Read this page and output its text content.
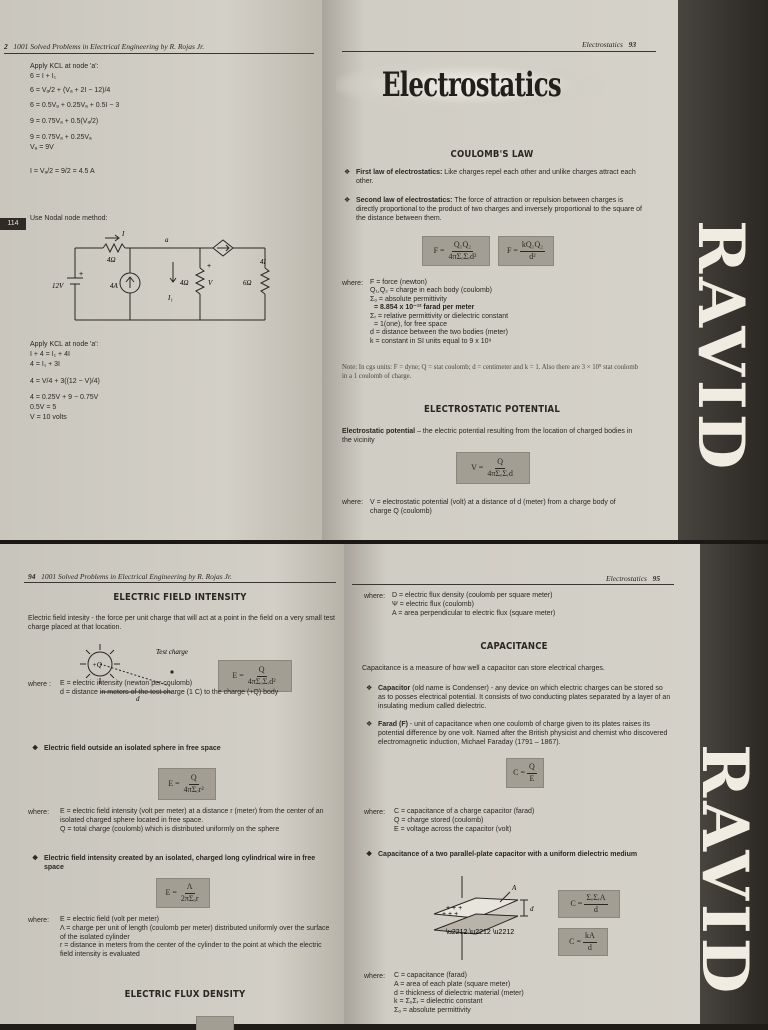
2 1001 Solved Problems in Electrical Engineering by R. Rojas Jr.
Apply KCL at node 'a':
6 = I + I₁
6 = Vₐ/2 + (Vₐ + 2I − 12)/4
6 = 0.5Vₐ + 0.25Vₐ + 0.5I − 3
9 = 0.75Vₐ + 0.5(Vₐ/2)
9 = 0.75Vₐ + 0.25Vₐ
Vₐ = 9V
I = Vₐ/2 = 9/2 = 4.5 A
114
Use Nodal node method:
I
a
4Ω
12V	4A	4Ω	V
I₁
4I
6Ω
+
+
Apply KCL at node 'a':
I + 4 = I₁ + 4I
4 = I₁ + 3I
4 = V/4 + 3((12 − V)/4)
4 = 0.25V + 9 − 0.75V
0.5V = 5
V = 10 volts
Electrostatics 93
Electrostatics
COULOMB'S LAW
❖ First law of electrostatics: Like charges repel each other and unlike charges attract each other.
❖ Second law of electrostatics: The force of attraction or repulsion between charges is directly proportional to the product of two charges and inversely proportional to the square of the distance between them.
$F = \frac{\text{Q₁Q₂}}{\text{4πΣₒΣᵣd²}}$	$F = \frac{\text{kQ₁Q₂}}{\text{d²}}$
where: F = force (newton)
Q₁,Q₂ = charge in each body (coulomb)
Σₒ = absolute permittivity
= 8.854 x 10⁻¹² farad per meter
Σᵣ = relative permittivity or dielectric constant
= 1(one), for free space
d = distance between the two bodies (meter)
k = constant in SI units equal to 9 x 10⁹
Note: In cgs units: F = dyne; Q = stat coulomb; d = centimeter and k = 1. Also there are 3 × 10⁹ stat coulomb in a 1 coulomb of charge.
ELECTROSTATIC POTENTIAL
Electrostatic potential – the electric potential resulting from the location of charged bodies in the vicinity
$V = \frac{Q}{\text{4πΣₒΣᵣd}}$
where: V = electrostatic potential (volt) at a distance of d (meter) from a charge body of charge Q (coulomb)
RAVID
94 1001 Solved Problems in Electrical Engineering by R. Rojas Jr.
ELECTRIC FIELD INTENSITY
Electric field intesity - the force per unit charge that will act at a point in the field on a very small test charge placed at that location.
+Q
Test charge
d
$E = \frac{Q}{\text{4πΣₒΣᵣd²}}$
where : E = electric intensity (newton per coulomb)
d = distance in meters of the test charge (1 C) to the charge (+Q) body
❖ Electric field outside an isolated sphere in free space
$E = \frac{Q}{\text{4πΣₒr²}}$
where: E = electric field intensity (volt per meter) at a distance r (meter) from the center of an isolated charged sphere located in free space.
Q = total charge (coulomb) which is distributed uniformly on the sphere
❖ Electric field intensity created by an isolated, charged long cylindrical wire in free space
$E = \frac{\Lambda}{\text{2πΣₒr}}$
where: E = electric field (volt per meter)
Λ = charge per unit of length (coulomb per meter) distributed uniformly over the surface of the isolated cylinder
r = distance in meters from the center of the cylinder to the point at which the electric field intensity is evaluated
ELECTRIC FLUX DENSITY
Electrostatics 95
where: D = electric flux density (coulomb per square meter)
Ψ = electric flux (coulomb)
A = area perpendicular to electric flux (square meter)
CAPACITANCE
Capacitance is a measure of how well a capacitor can store electrical charges.
❖ Capacitor (old name is Condenser) - any device on which electric charges can be stored so as to posses electrical potential. It consists of two conducting plates separated by a layer of an insulating medium called dielectric.
❖ Farad (F) - unit of capacitance when one coulomb of charge given to its plates raises its potential difference by one volt. Named after the British physicist and chemist who discovered electromagnetic induction, Michael Faraday (1791 – 1867).
$C = \frac{Q}{E}$
where: C = capacitance of a charge capacitor (farad)
Q = charge stored (coulomb)
E = voltage across the capacitor (volt)
❖ Capacitance of a two parallel-plate capacitor with a uniform dielectric medium
+ + +
+ + +
\u2212 \u2212 \u2212
A
d
$C = \frac{\text{ΣₒΣᵣA}}{d}$
$C = \frac{kA}{d}$
where: C = capacitance (farad)
A = area of each plate (square meter)
d = thickness of dielectric material (meter)
k = ΣₒΣᵣ = dielectric constant
Σₒ = absolute permittivity
RAVID
